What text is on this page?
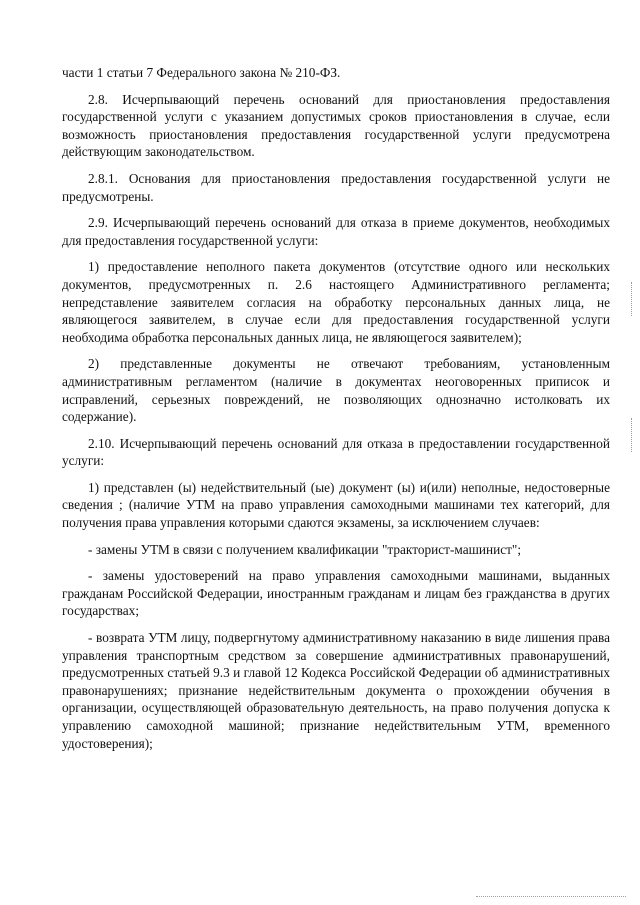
части 1 статьи 7 Федерального закона № 210-ФЗ.

2.8. Исчерпывающий перечень оснований для приостановления предоставления государственной услуги с указанием допустимых сроков приостановления в случае, если возможность приостановления предоставления государственной услуги предусмотрена действующим законодательством.

2.8.1. Основания для приостановления предоставления государственной услуги не предусмотрены.

2.9. Исчерпывающий перечень оснований для отказа в приеме документов, необходимых для предоставления государственной услуги:

1) предоставление неполного пакета документов (отсутствие одного или нескольких документов, предусмотренных п. 2.6 настоящего Административного регламента; непредставление заявителем согласия на обработку персональных данных лица, не являющегося заявителем, в случае если для предоставления государственной услуги необходима обработка персональных данных лица, не являющегося заявителем);

2) представленные документы не отвечают требованиям, установленным административным регламентом (наличие в документах неоговоренных приписок и исправлений, серьезных повреждений, не позволяющих однозначно истолковать их содержание).

2.10. Исчерпывающий перечень оснований для отказа в предоставлении государственной услуги:

1) представлен (ы) недействительный (ые) документ (ы) и(или) неполные, недостоверные сведения ; (наличие УТМ на право управления самоходными машинами тех категорий, для получения права управления которыми сдаются экзамены, за исключением случаев:

- замены УТМ в связи с получением квалификации "тракторист-машинист";

- замены удостоверений на право управления самоходными машинами, выданных гражданам Российской Федерации, иностранным гражданам и лицам без гражданства в других государствах;

- возврата УТМ лицу, подвергнутому административному наказанию в виде лишения права управления транспортным средством за совершение административных правонарушений, предусмотренных статьей 9.3 и главой 12 Кодекса Российской Федерации об административных правонарушениях; признание недействительным документа о прохождении обучения в организации, осуществляющей образовательную деятельность, на право получения допуска к управлению самоходной машиной; признание недействительным УТМ, временного удостоверения);
